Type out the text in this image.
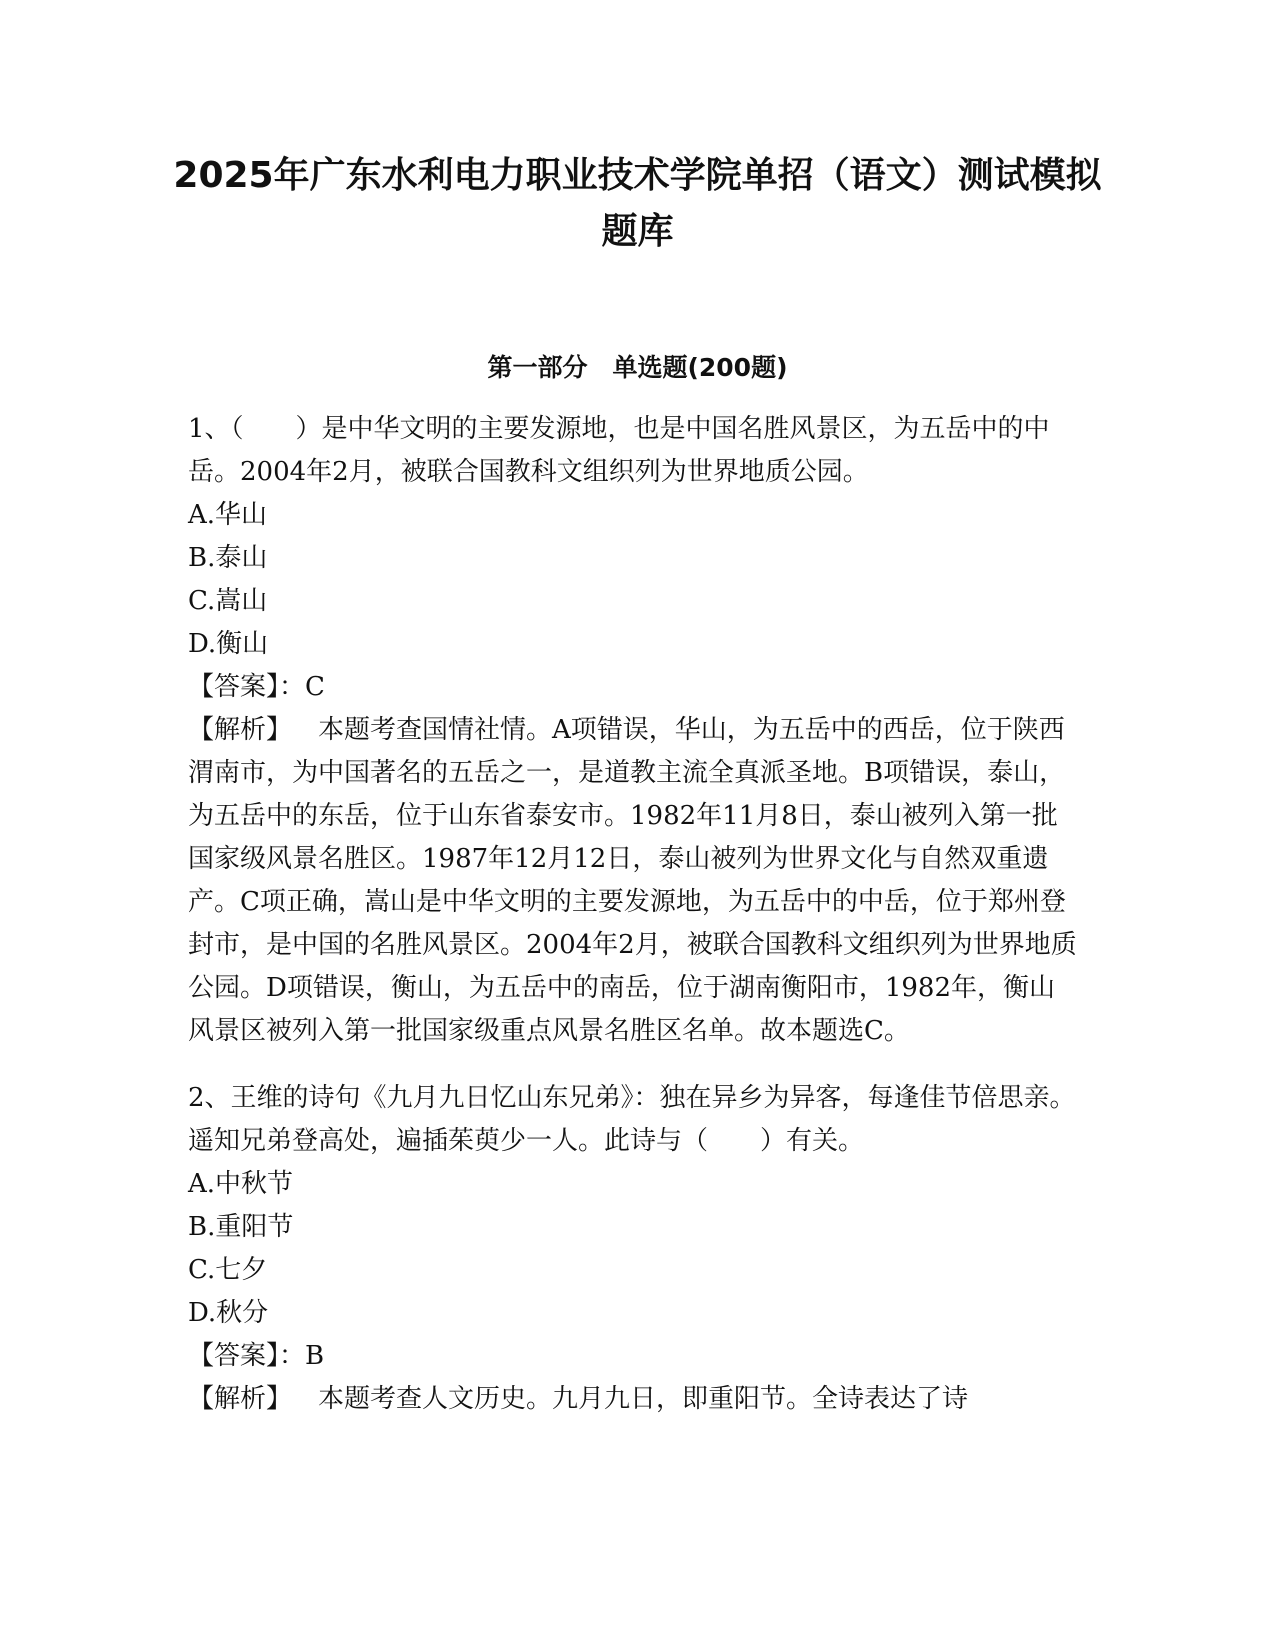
2025年广东水利电力职业技术学院单招（语文）测试模拟题库
第一部分　单选题(200题)

1、（　　）是中华文明的主要发源地，也是中国名胜风景区，为五岳中的中岳。2004年2月，被联合国教科文组织列为世界地质公园。

A.华山

B.泰山

C.嵩山

D.衡山

【答案】：C

【解析】 本题考查国情社情。A项错误，华山，为五岳中的西岳，位于陕西渭南市，为中国著名的五岳之一，是道教主流全真派圣地。B项错误，泰山，为五岳中的东岳，位于山东省泰安市。1982年11月8日，泰山被列入第一批国家级风景名胜区。1987年12月12日，泰山被列为世界文化与自然双重遗产。C项正确，嵩山是中华文明的主要发源地，为五岳中的中岳，位于郑州登封市，是中国的名胜风景区。2004年2月，被联合国教科文组织列为世界地质公园。D项错误，衡山，为五岳中的南岳，位于湖南衡阳市，1982年，衡山风景区被列入第一批国家级重点风景名胜区名单。故本题选C。

2、王维的诗句《九月九日忆山东兄弟》：独在异乡为异客，每逢佳节倍思亲。遥知兄弟登高处，遍插茱萸少一人。此诗与（　　）有关。

A.中秋节

B.重阳节

C.七夕

D.秋分

【答案】：B

【解析】 本题考查人文历史。九月九日，即重阳节。全诗表达了诗
